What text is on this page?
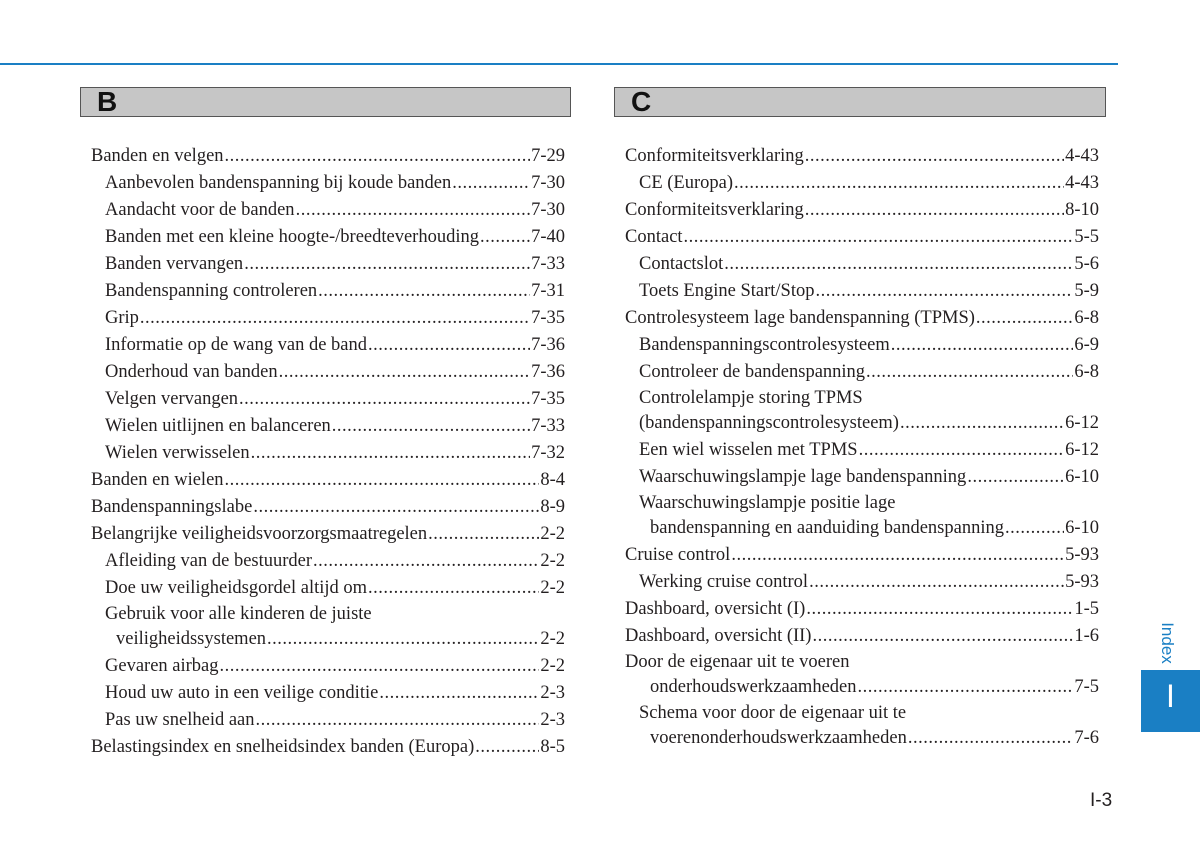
B	C
Banden en velgen .....	7-29
Aanbevolen bandenspanning bij koude banden .....	7-30
Aandacht voor de banden .....	7-30
Banden met een kleine hoogte-/breedteverhouding .....	7-40
Banden vervangen .....	7-33
Bandenspanning controleren .....	7-31
Grip .....	7-35
Informatie op de wang van de band .....	7-36
Onderhoud van banden .....	7-36
Velgen vervangen .....	7-35
Wielen uitlijnen en balanceren .....	7-33
Wielen verwisselen .....	7-32
Banden en wielen .....	8-4
Bandenspanningslabe .....	8-9
Belangrijke veiligheidsvoorzorgsmaatregelen .....	2-2
Afleiding van de bestuurder .....	2-2
Doe uw veiligheidsgordel altijd om .....	2-2
Gebruik voor alle kinderen de juiste
veiligheidssystemen .....	2-2
Gevaren airbag .....	2-2
Houd uw auto in een veilige conditie .....	2-3
Pas uw snelheid aan .....	2-3
Belastingsindex en snelheidsindex banden (Europa) .....	8-5
Conformiteitsverklaring .....	4-43
CE (Europa) .....	4-43
Conformiteitsverklaring .....	8-10
Contact .....	5-5
Contactslot .....	5-6
Toets Engine Start/Stop .....	5-9
Controlesysteem lage bandenspanning (TPMS) .....	6-8
Bandenspanningscontrolesysteem .....	6-9
Controleer de bandenspanning .....	6-8
Controlelampje storing TPMS
(bandenspanningscontrolesysteem) .....	6-12
Een wiel wisselen met TPMS .....	6-12
Waarschuwingslampje lage bandenspanning .....	6-10
Waarschuwingslampje positie lage
bandenspanning en aanduiding bandenspanning .....	6-10
Cruise control .....	5-93
Werking cruise control .....	5-93
Dashboard, oversicht (I) .....	1-5
Dashboard, oversicht (II) .....	1-6
Door de eigenaar uit te voeren
onderhoudswerkzaamheden .....	7-5
Schema voor door de eigenaar uit te
voerenonderhoudswerkzaamheden .....	7-6
Index
I
I-3
